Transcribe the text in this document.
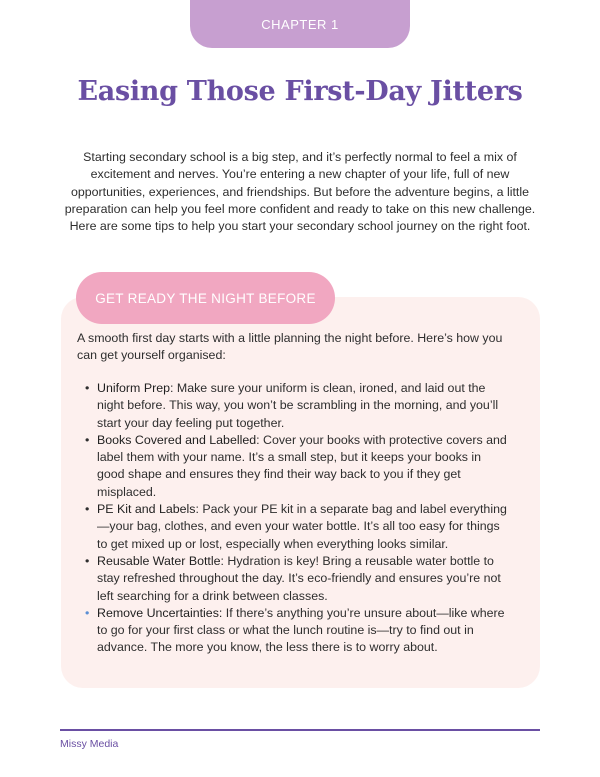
CHAPTER 1
Easing Those First-Day Jitters

Starting secondary school is a big step, and it’s perfectly normal to feel a mix of excitement and nerves. You’re entering a new chapter of your life, full of new opportunities, experiences, and friendships. But before the adventure begins, a little preparation can help you feel more confident and ready to take on this new challenge. Here are some tips to help you start your secondary school journey on the right foot.

GET READY THE NIGHT BEFORE

A smooth first day starts with a little planning the night before. Here’s how you can get yourself organised:

• Uniform Prep: Make sure your uniform is clean, ironed, and laid out the night before. This way, you won’t be scrambling in the morning, and you’ll start your day feeling put together.
• Books Covered and Labelled: Cover your books with protective covers and label them with your name. It’s a small step, but it keeps your books in good shape and ensures they find their way back to you if they get misplaced.
• PE Kit and Labels: Pack your PE kit in a separate bag and label everything—your bag, clothes, and even your water bottle. It’s all too easy for things to get mixed up or lost, especially when everything looks similar.
• Reusable Water Bottle: Hydration is key! Bring a reusable water bottle to stay refreshed throughout the day. It’s eco-friendly and ensures you’re not left searching for a drink between classes.
• Remove Uncertainties: If there’s anything you’re unsure about—like where to go for your first class or what the lunch routine is—try to find out in advance. The more you know, the less there is to worry about.
Missy Media
